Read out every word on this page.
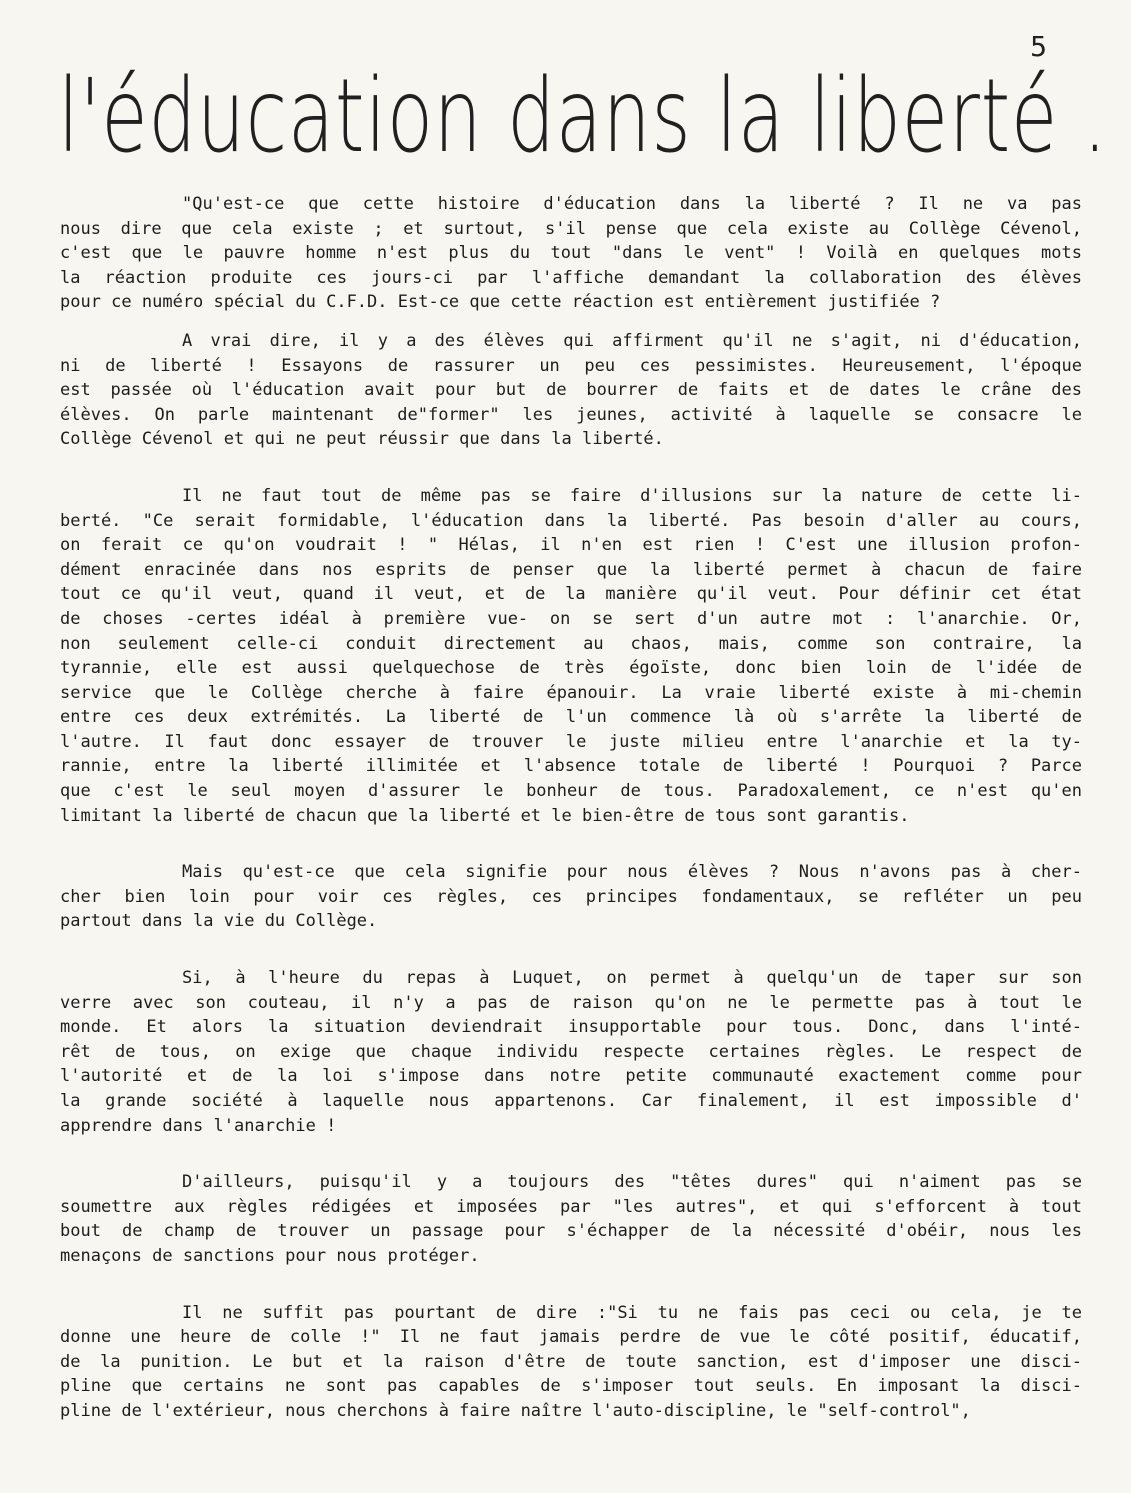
5
l'éducation dans la liberté .
"Qu'est-ce que cette histoire d'éducation dans la liberté ? Il ne va pas
nous dire que cela existe ; et surtout, s'il pense que cela existe au Collège Cévenol,
c'est que le pauvre homme n'est plus du tout "dans le vent" ! Voilà en quelques mots
la réaction produite ces jours-ci par l'affiche demandant la collaboration des élèves
pour ce numéro spécial du C.F.D. Est-ce que cette réaction est entièrement justifiée ?
A vrai dire, il y a des élèves qui affirment qu'il ne s'agit, ni d'éducation,
ni de liberté ! Essayons de rassurer un peu ces pessimistes. Heureusement, l'époque
est passée où l'éducation avait pour but de bourrer de faits et de dates le crâne des
élèves. On parle maintenant de"former" les jeunes, activité à laquelle se consacre le
Collège Cévenol et qui ne peut réussir que dans la liberté.
Il ne faut tout de même pas se faire d'illusions sur la nature de cette li-
berté. "Ce serait formidable, l'éducation dans la liberté. Pas besoin d'aller au cours,
on ferait ce qu'on voudrait ! " Hélas, il n'en est rien ! C'est une illusion profon-
dément enracinée dans nos esprits de penser que la liberté permet à chacun de faire
tout ce qu'il veut, quand il veut, et de la manière qu'il veut. Pour définir cet état
de choses -certes idéal à première vue- on se sert d'un autre mot : l'anarchie. Or,
non seulement celle-ci conduit directement au chaos, mais, comme son contraire, la
tyrannie, elle est aussi quelquechose de très égoïste, donc bien loin de l'idée de
service que le Collège cherche à faire épanouir. La vraie liberté existe à mi-chemin
entre ces deux extrémités. La liberté de l'un commence là où s'arrête la liberté de
l'autre. Il faut donc essayer de trouver le juste milieu entre l'anarchie et la ty-
rannie, entre la liberté illimitée et l'absence totale de liberté ! Pourquoi ? Parce
que c'est le seul moyen d'assurer le bonheur de tous. Paradoxalement, ce n'est qu'en
limitant la liberté de chacun que la liberté et le bien-être de tous sont garantis.
Mais qu'est-ce que cela signifie pour nous élèves ? Nous n'avons pas à cher-
cher bien loin pour voir ces règles, ces principes fondamentaux, se refléter un peu
partout dans la vie du Collège.
Si, à l'heure du repas à Luquet, on permet à quelqu'un de taper sur son
verre avec son couteau, il n'y a pas de raison qu'on ne le permette pas à tout le
monde. Et alors la situation deviendrait insupportable pour tous. Donc, dans l'inté-
rêt de tous, on exige que chaque individu respecte certaines règles. Le respect de
l'autorité et de la loi s'impose dans notre petite communauté exactement comme pour
la grande société à laquelle nous appartenons. Car finalement, il est impossible d'
apprendre dans l'anarchie !
D'ailleurs, puisqu'il y a toujours des "têtes dures" qui n'aiment pas se
soumettre aux règles rédigées et imposées par "les autres", et qui s'efforcent à tout
bout de champ de trouver un passage pour s'échapper de la nécessité d'obéir, nous les
menaçons de sanctions pour nous protéger.
Il ne suffit pas pourtant de dire :"Si tu ne fais pas ceci ou cela, je te
donne une heure de colle !" Il ne faut jamais perdre de vue le côté positif, éducatif,
de la punition. Le but et la raison d'être de toute sanction, est d'imposer une disci-
pline que certains ne sont pas capables de s'imposer tout seuls. En imposant la disci-
pline de l'extérieur, nous cherchons à faire naître l'auto-discipline, le "self-control",
